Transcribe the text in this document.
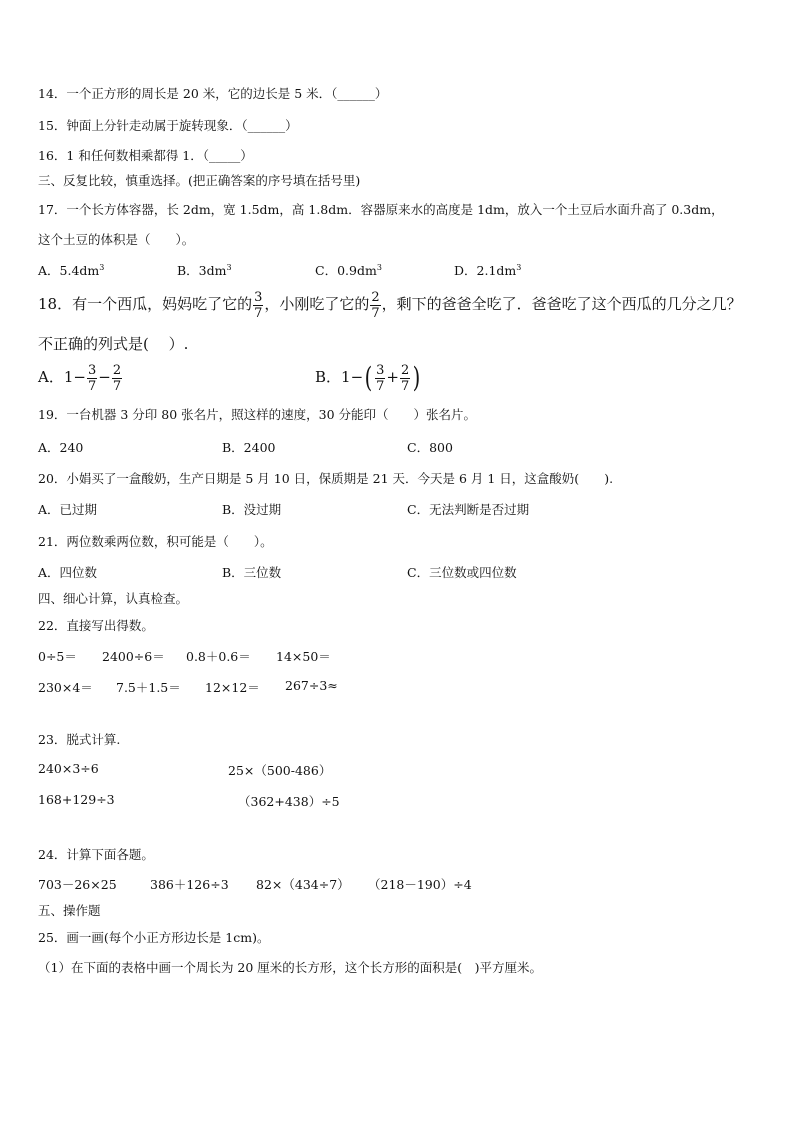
14．一个正方形的周长是 20 米，它的边长是 5 米．（______）
15．钟面上分针走动属于旋转现象．（______）
16．1 和任何数相乘都得 1．（_____）
三、反复比较，慎重选择。(把正确答案的序号填在括号里)
17．一个长方体容器，长 2dm，宽 1.5dm，高 1.8dm．容器原来水的高度是 1dm，放入一个土豆后水面升高了 0.3dm，
这个土豆的体积是（　　）。
A．$5.4dm^3$	B．$3dm^3$	C．$0.9dm^3$	D．$2.1dm^3$
18．有一个西瓜，妈妈吃了它的 $\frac{3}{7}$ ，小刚吃了它的 $\frac{2}{7}$ ，剩下的爸爸全吃了．爸爸吃了这个西瓜的几分之几？
不正确的列式是(　 ）.
A．$1- \frac{3}{7} - \frac{2}{7}$	B．$1-( \frac{3}{7} + \frac{2}{7}$ )
19．一台机器 3 分印 80 张名片，照这样的速度，30 分能印（　　）张名片。
A．240	B．2400	C．800
20．小娟买了一盒酸奶，生产日期是 5 月 10 日，保质期是 21 天．今天是 6 月 1 日，这盒酸奶(　　).
A．已过期	B．没过期	C．无法判断是否过期
21．两位数乘两位数，积可能是（　　）。
A．四位数	B．三位数	C．三位数或四位数
四、细心计算，认真检查。
22．直接写出得数。
0÷5＝ 2400÷6＝ 0.8＋0.6＝ 14×50＝
230×4＝ 7.5＋1.5＝ 12×12＝ 267÷3≈
23．脱式计算.
240×3÷6	25×（500-486）
168+129÷3	（362+438）÷5
24．计算下面各题。
703－26×25	386＋126÷3 82×（434÷7） （218－190）÷4
五、操作题
25．画一画(每个小正方形边长是 1cm)。
（1）在下面的表格中画一个周长为 20 厘米的长方形，这个长方形的面积是(　)平方厘米。
